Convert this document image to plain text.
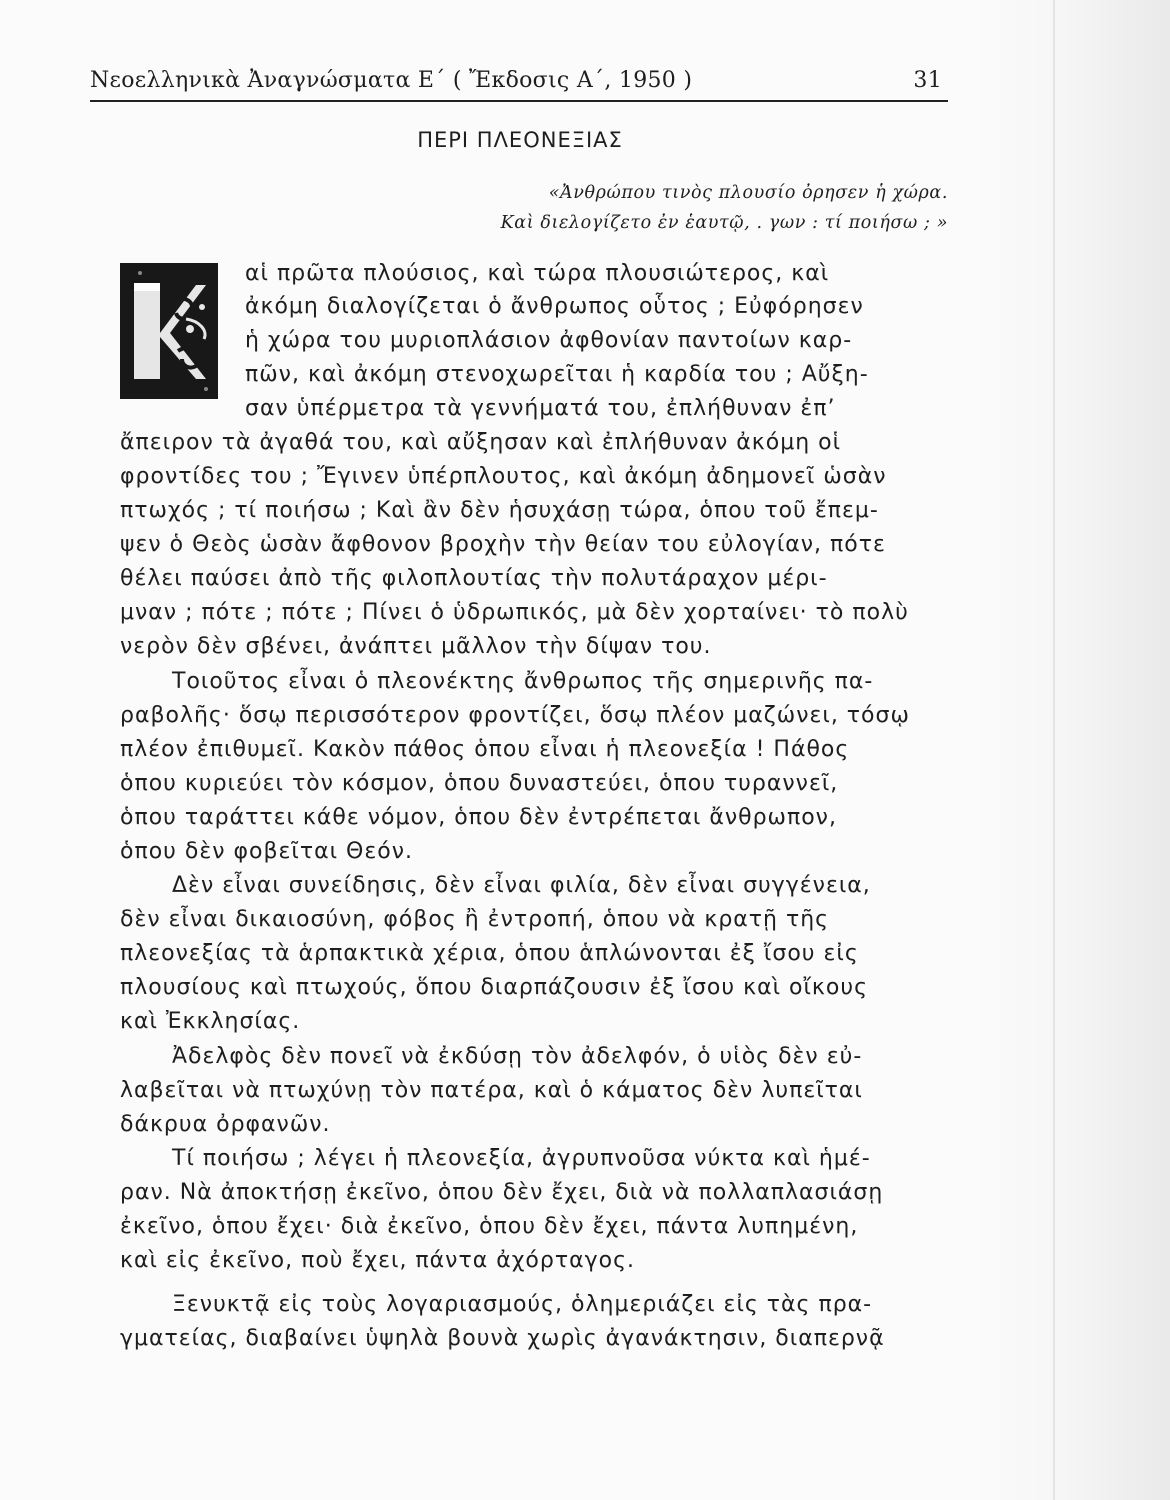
Νεοελληνικὰ Ἀναγνώσματα Ε΄ ( Ἔκδοσις Α΄, 1950 )	31
ΠΕΡΙ ΠΛΕΟΝΕΞΙΑΣ
«Ἀνθρώπου τινὸς πλουσίο ὀρησεν ἡ χώρα.
Καὶ διελογίζετο ἐν ἑαυτῷ, . γων : τί ποιήσω ; »
αἱ πρῶτα πλούσιος, καὶ τώρα πλουσιώτερος, καὶ
ἀκόμη διαλογίζεται ὁ ἄνθρωπος οὗτος ; Εὐφόρησεν
ἡ χώρα του μυριοπλάσιον ἀφθονίαν παντοίων καρ-
πῶν, καὶ ἀκόμη στενοχωρεῖται ἡ καρδία του ; Αὔξη-
σαν ὑπέρμετρα τὰ γεννήματά του, ἐπλήθυναν ἐπ’
ἄπειρον τὰ ἀγαθά του, καὶ αὔξησαν καὶ ἐπλήθυναν ἀκόμη οἱ
φροντίδες του ; Ἔγινεν ὑπέρπλουτος, καὶ ἀκόμη ἀδημονεῖ ὡσὰν
πτωχός ; τί ποιήσω ; Καὶ ἂν δὲν ἡσυχάσῃ τώρα, ὁπου τοῦ ἔπεμ-
ψεν ὁ Θεὸς ὡσὰν ἄφθονον βροχὴν τὴν θείαν του εὐλογίαν, πότε
θέλει παύσει ἀπὸ τῆς φιλοπλουτίας τὴν πολυτάραχον μέρι-
μναν ; πότε ; πότε ; Πίνει ὁ ὑδρωπικός, μὰ δὲν χορταίνει· τὸ πολὺ
νερὸν δὲν σβένει, ἀνάπτει μᾶλλον τὴν δίψαν του.
Τοιοῦτος εἶναι ὁ πλεονέκτης ἄνθρωπος τῆς σημερινῆς πα-
ραβολῆς· ὅσῳ περισσότερον φροντίζει, ὅσῳ πλέον μαζώνει, τόσῳ
πλέον ἐπιθυμεῖ. Κακὸν πάθος ὁπου εἶναι ἡ πλεονεξία ! Πάθος
ὁπου κυριεύει τὸν κόσμον, ὁπου δυναστεύει, ὁπου τυραννεῖ,
ὁπου ταράττει κάθε νόμον, ὁπου δὲν ἐντρέπεται ἄνθρωπον,
ὁπου δὲν φοβεῖται Θεόν.
Δὲν εἶναι συνείδησις, δὲν εἶναι φιλία, δὲν εἶναι συγγένεια,
δὲν εἶναι δικαιοσύνη, φόβος ἢ ἐντροπή, ὁπου νὰ κρατῇ τῆς
πλεονεξίας τὰ ἁρπακτικὰ χέρια, ὁπου ἁπλώνονται ἐξ ἴσου εἰς
πλουσίους καὶ πτωχούς, ὅπου διαρπάζουσιν ἐξ ἴσου καὶ οἴκους
καὶ Ἐκκλησίας.
Ἀδελφὸς δὲν πονεῖ νὰ ἐκδύσῃ τὸν ἀδελφόν, ὁ υἱὸς δὲν εὐ-
λαβεῖται νὰ πτωχύνῃ τὸν πατέρα, καὶ ὁ κάματος δὲν λυπεῖται
δάκρυα ὀρφανῶν.
Τί ποιήσω ; λέγει ἡ πλεονεξία, ἀγρυπνοῦσα νύκτα καὶ ἡμέ-
ραν. Νὰ ἀποκτήσῃ ἐκεῖνο, ὁπου δὲν ἔχει, διὰ νὰ πολλαπλασιάσῃ
ἐκεῖνο, ὁπου ἔχει· διὰ ἐκεῖνο, ὁπου δὲν ἔχει, πάντα λυπημένη,
καὶ εἰς ἐκεῖνο, ποὺ ἔχει, πάντα ἀχόρταγος.
Ξενυκτᾷ εἰς τοὺς λογαριασμούς, ὁλημεριάζει εἰς τὰς πρα-
γματείας, διαβαίνει ὑψηλὰ βουνὰ χωρὶς ἀγανάκτησιν, διαπερνᾷ
